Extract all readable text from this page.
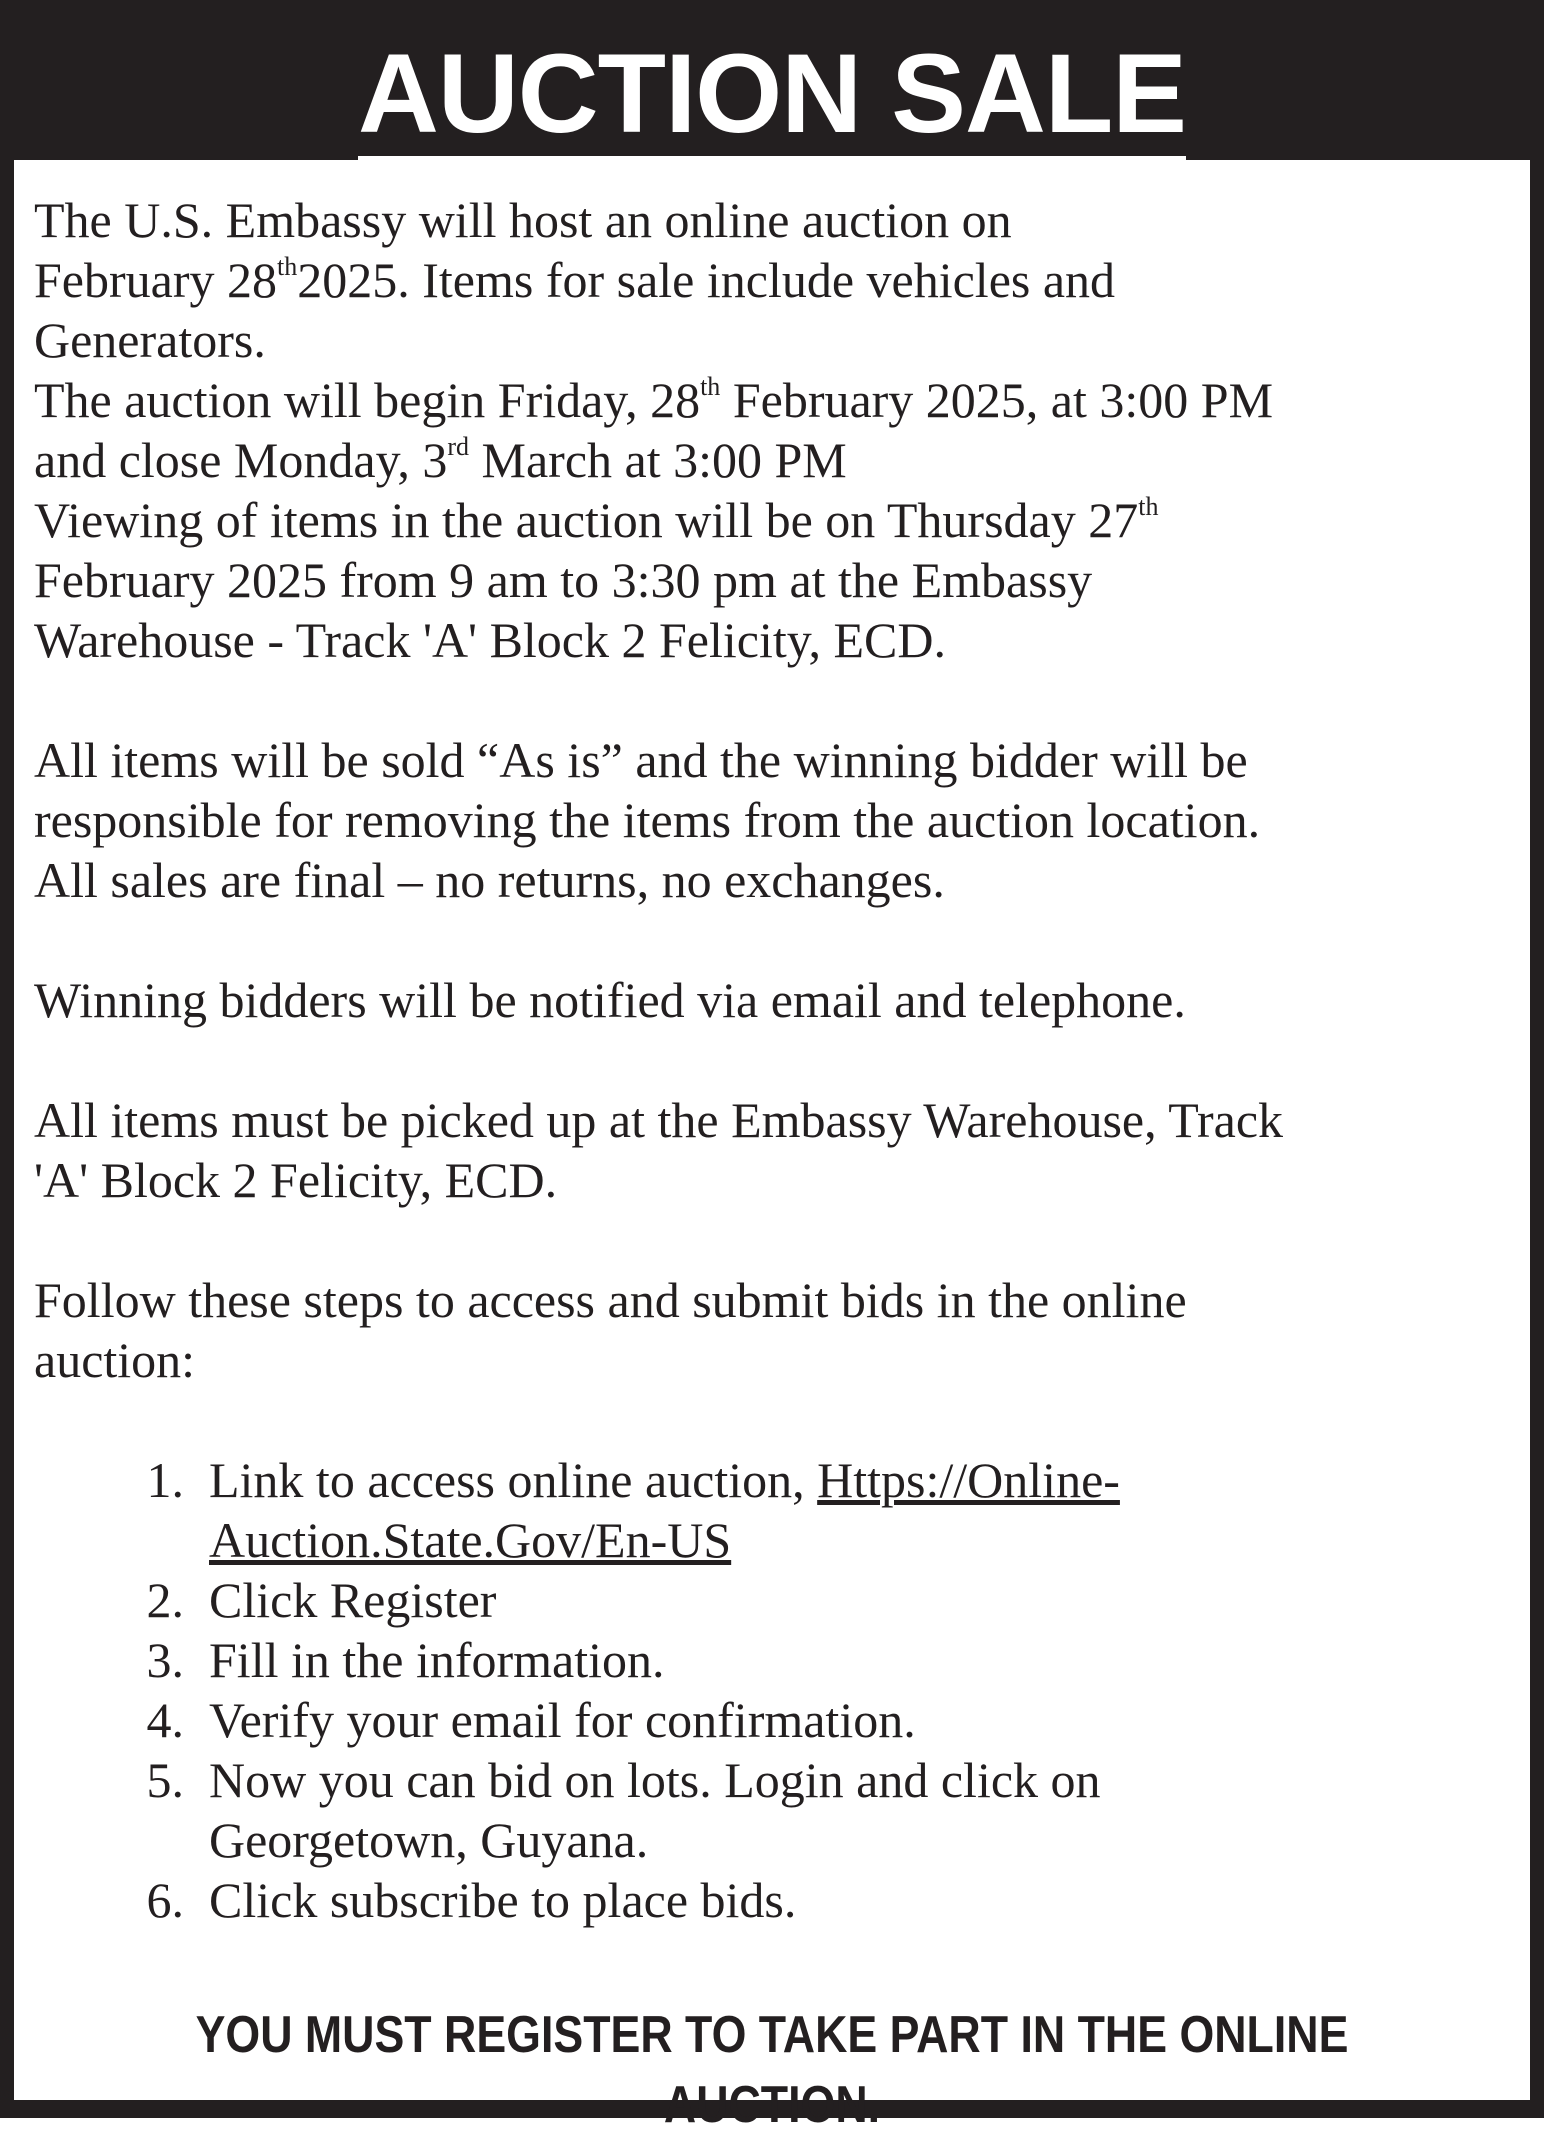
AUCTION SALE
The U.S. Embassy will host an online auction on
February 28th2025. Items for sale include vehicles and
Generators.
The auction will begin Friday, 28th February 2025, at 3:00 PM
and close Monday, 3rd March at 3:00 PM
Viewing of items in the auction will be on Thursday 27th
February 2025 from 9 am to 3:30 pm at the Embassy
Warehouse - Track 'A' Block 2 Felicity, ECD.
All items will be sold “As is” and the winning bidder will be
responsible for removing the items from the auction location.
All sales are final – no returns, no exchanges.
Winning bidders will be notified via email and telephone.
All items must be picked up at the Embassy Warehouse, Track
'A' Block 2 Felicity, ECD.
Follow these steps to access and submit bids in the online
auction:
1. Link to access online auction, Https://Online-
Auction.State.Gov/En-US
2. Click Register
3. Fill in the information.
4. Verify your email for confirmation.
5. Now you can bid on lots. Login and click on
Georgetown, Guyana.
6. Click subscribe to place bids.
YOU MUST REGISTER TO TAKE PART IN THE ONLINE AUCTION.
